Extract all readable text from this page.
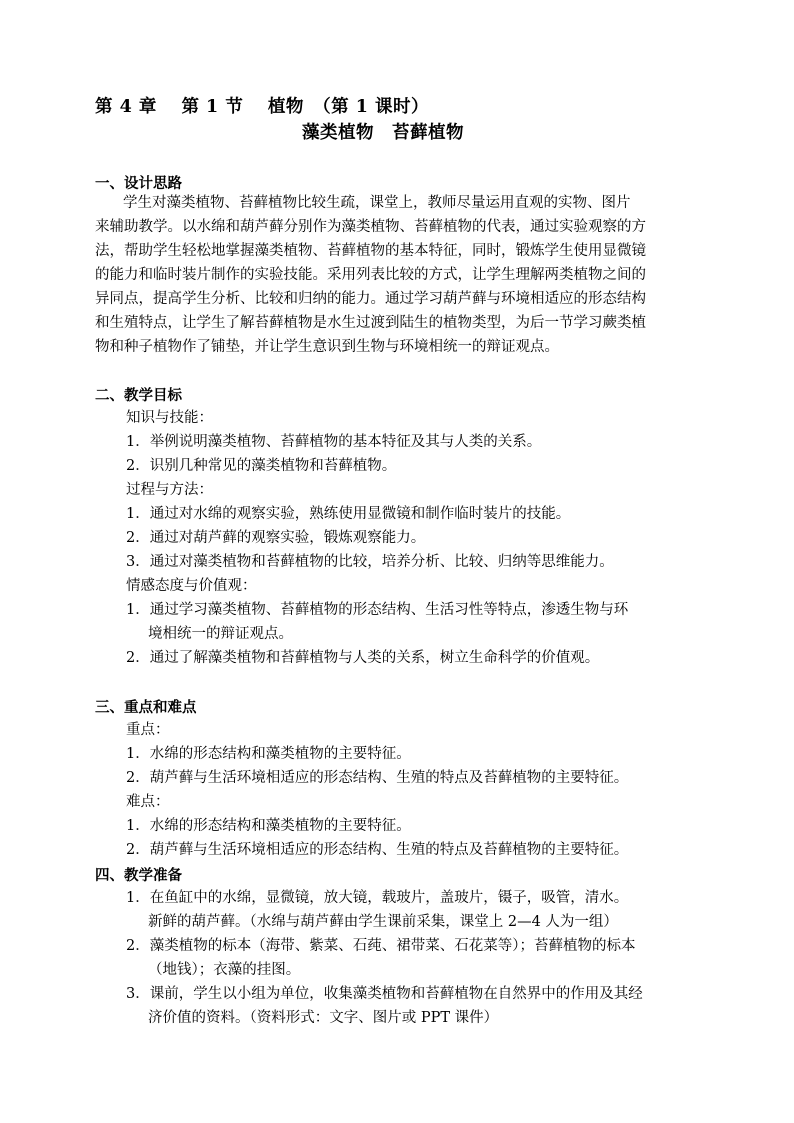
第 4 章　 第 1 节　 植物　（第 1 课时）
藻类植物　苔藓植物
一、设计思路
学生对藻类植物、苔藓植物比较生疏，课堂上，教师尽量运用直观的实物、图片
来辅助教学。以水绵和葫芦藓分别作为藻类植物、苔藓植物的代表，通过实验观察的方
法，帮助学生轻松地掌握藻类植物、苔藓植物的基本特征，同时，锻炼学生使用显微镜
的能力和临时装片制作的实验技能。采用列表比较的方式，让学生理解两类植物之间的
异同点，提高学生分析、比较和归纳的能力。通过学习葫芦藓与环境相适应的形态结构
和生殖特点，让学生了解苔藓植物是水生过渡到陆生的植物类型，为后一节学习蕨类植
物和种子植物作了铺垫，并让学生意识到生物与环境相统一的辩证观点。
二、教学目标
知识与技能：
1．举例说明藻类植物、苔藓植物的基本特征及其与人类的关系。
2．识别几种常见的藻类植物和苔藓植物。
过程与方法：
1．通过对水绵的观察实验，熟练使用显微镜和制作临时装片的技能。
2．通过对葫芦藓的观察实验，锻炼观察能力。
3．通过对藻类植物和苔藓植物的比较，培养分析、比较、归纳等思维能力。
情感态度与价值观：
1．通过学习藻类植物、苔藓植物的形态结构、生活习性等特点，渗透生物与环
境相统一的辩证观点。
2．通过了解藻类植物和苔藓植物与人类的关系，树立生命科学的价值观。
三、重点和难点
重点：
1．水绵的形态结构和藻类植物的主要特征。
2．葫芦藓与生活环境相适应的形态结构、生殖的特点及苔藓植物的主要特征。
难点：
1．水绵的形态结构和藻类植物的主要特征。
2．葫芦藓与生活环境相适应的形态结构、生殖的特点及苔藓植物的主要特征。
四、教学准备
1．在鱼缸中的水绵，显微镜，放大镜，载玻片，盖玻片，镊子，吸管，清水。
新鲜的葫芦藓。（水绵与葫芦藓由学生课前采集，课堂上 2—4 人为一组）
2．藻类植物的标本（海带、紫菜、石莼、裙带菜、石花菜等）；苔藓植物的标本
（地钱）；衣藻的挂图。
3．课前，学生以小组为单位，收集藻类植物和苔藓植物在自然界中的作用及其经
济价值的资料。（资料形式：文字、图片或 PPT 课件）
